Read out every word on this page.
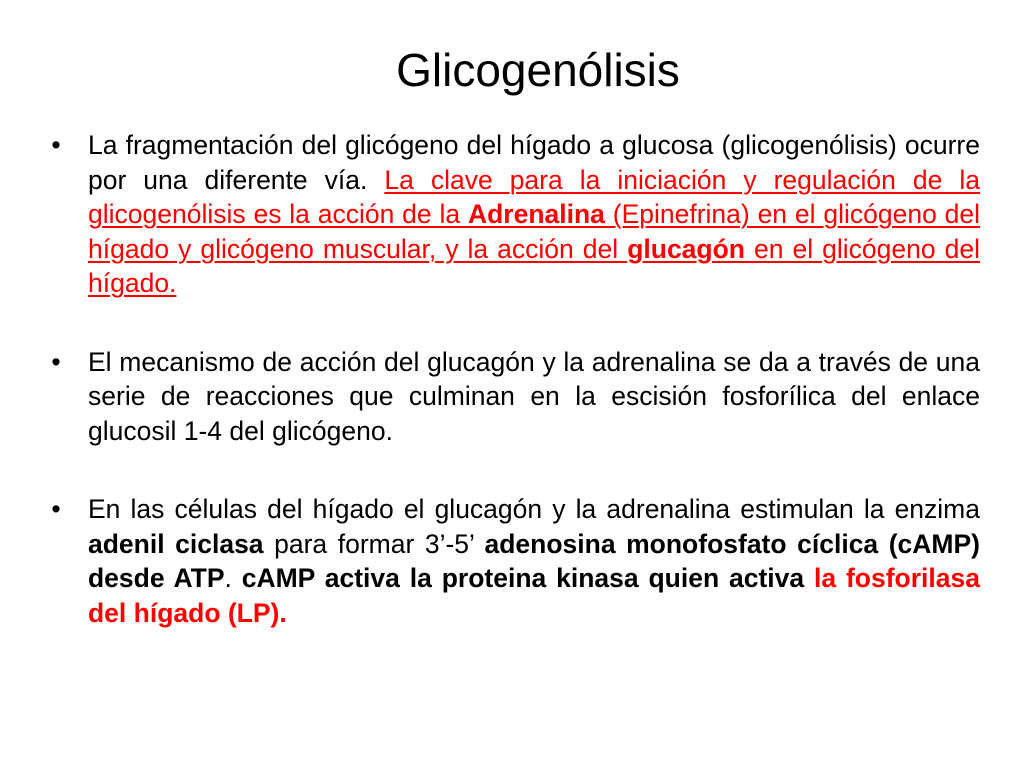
Glicogenólisis
• La fragmentación del glicógeno del hígado a glucosa (glicogenólisis) ocurre por una diferente vía. La clave para la iniciación y regulación de la glicogenólisis es la acción de la Adrenalina (Epinefrina) en el glicógeno del hígado y glicógeno muscular, y la acción del glucagón en el glicógeno del hígado.
• El mecanismo de acción del glucagón y la adrenalina se da a través de una serie de reacciones que culminan en la escisión fosforílica del enlace glucosil 1-4 del glicógeno.
• En las células del hígado el glucagón y la adrenalina estimulan la enzima adenil ciclasa para formar 3’-5’ adenosina monofosfato cíclica (cAMP) desde ATP. cAMP activa la proteina kinasa quien activa la fosforilasa del hígado (LP).
